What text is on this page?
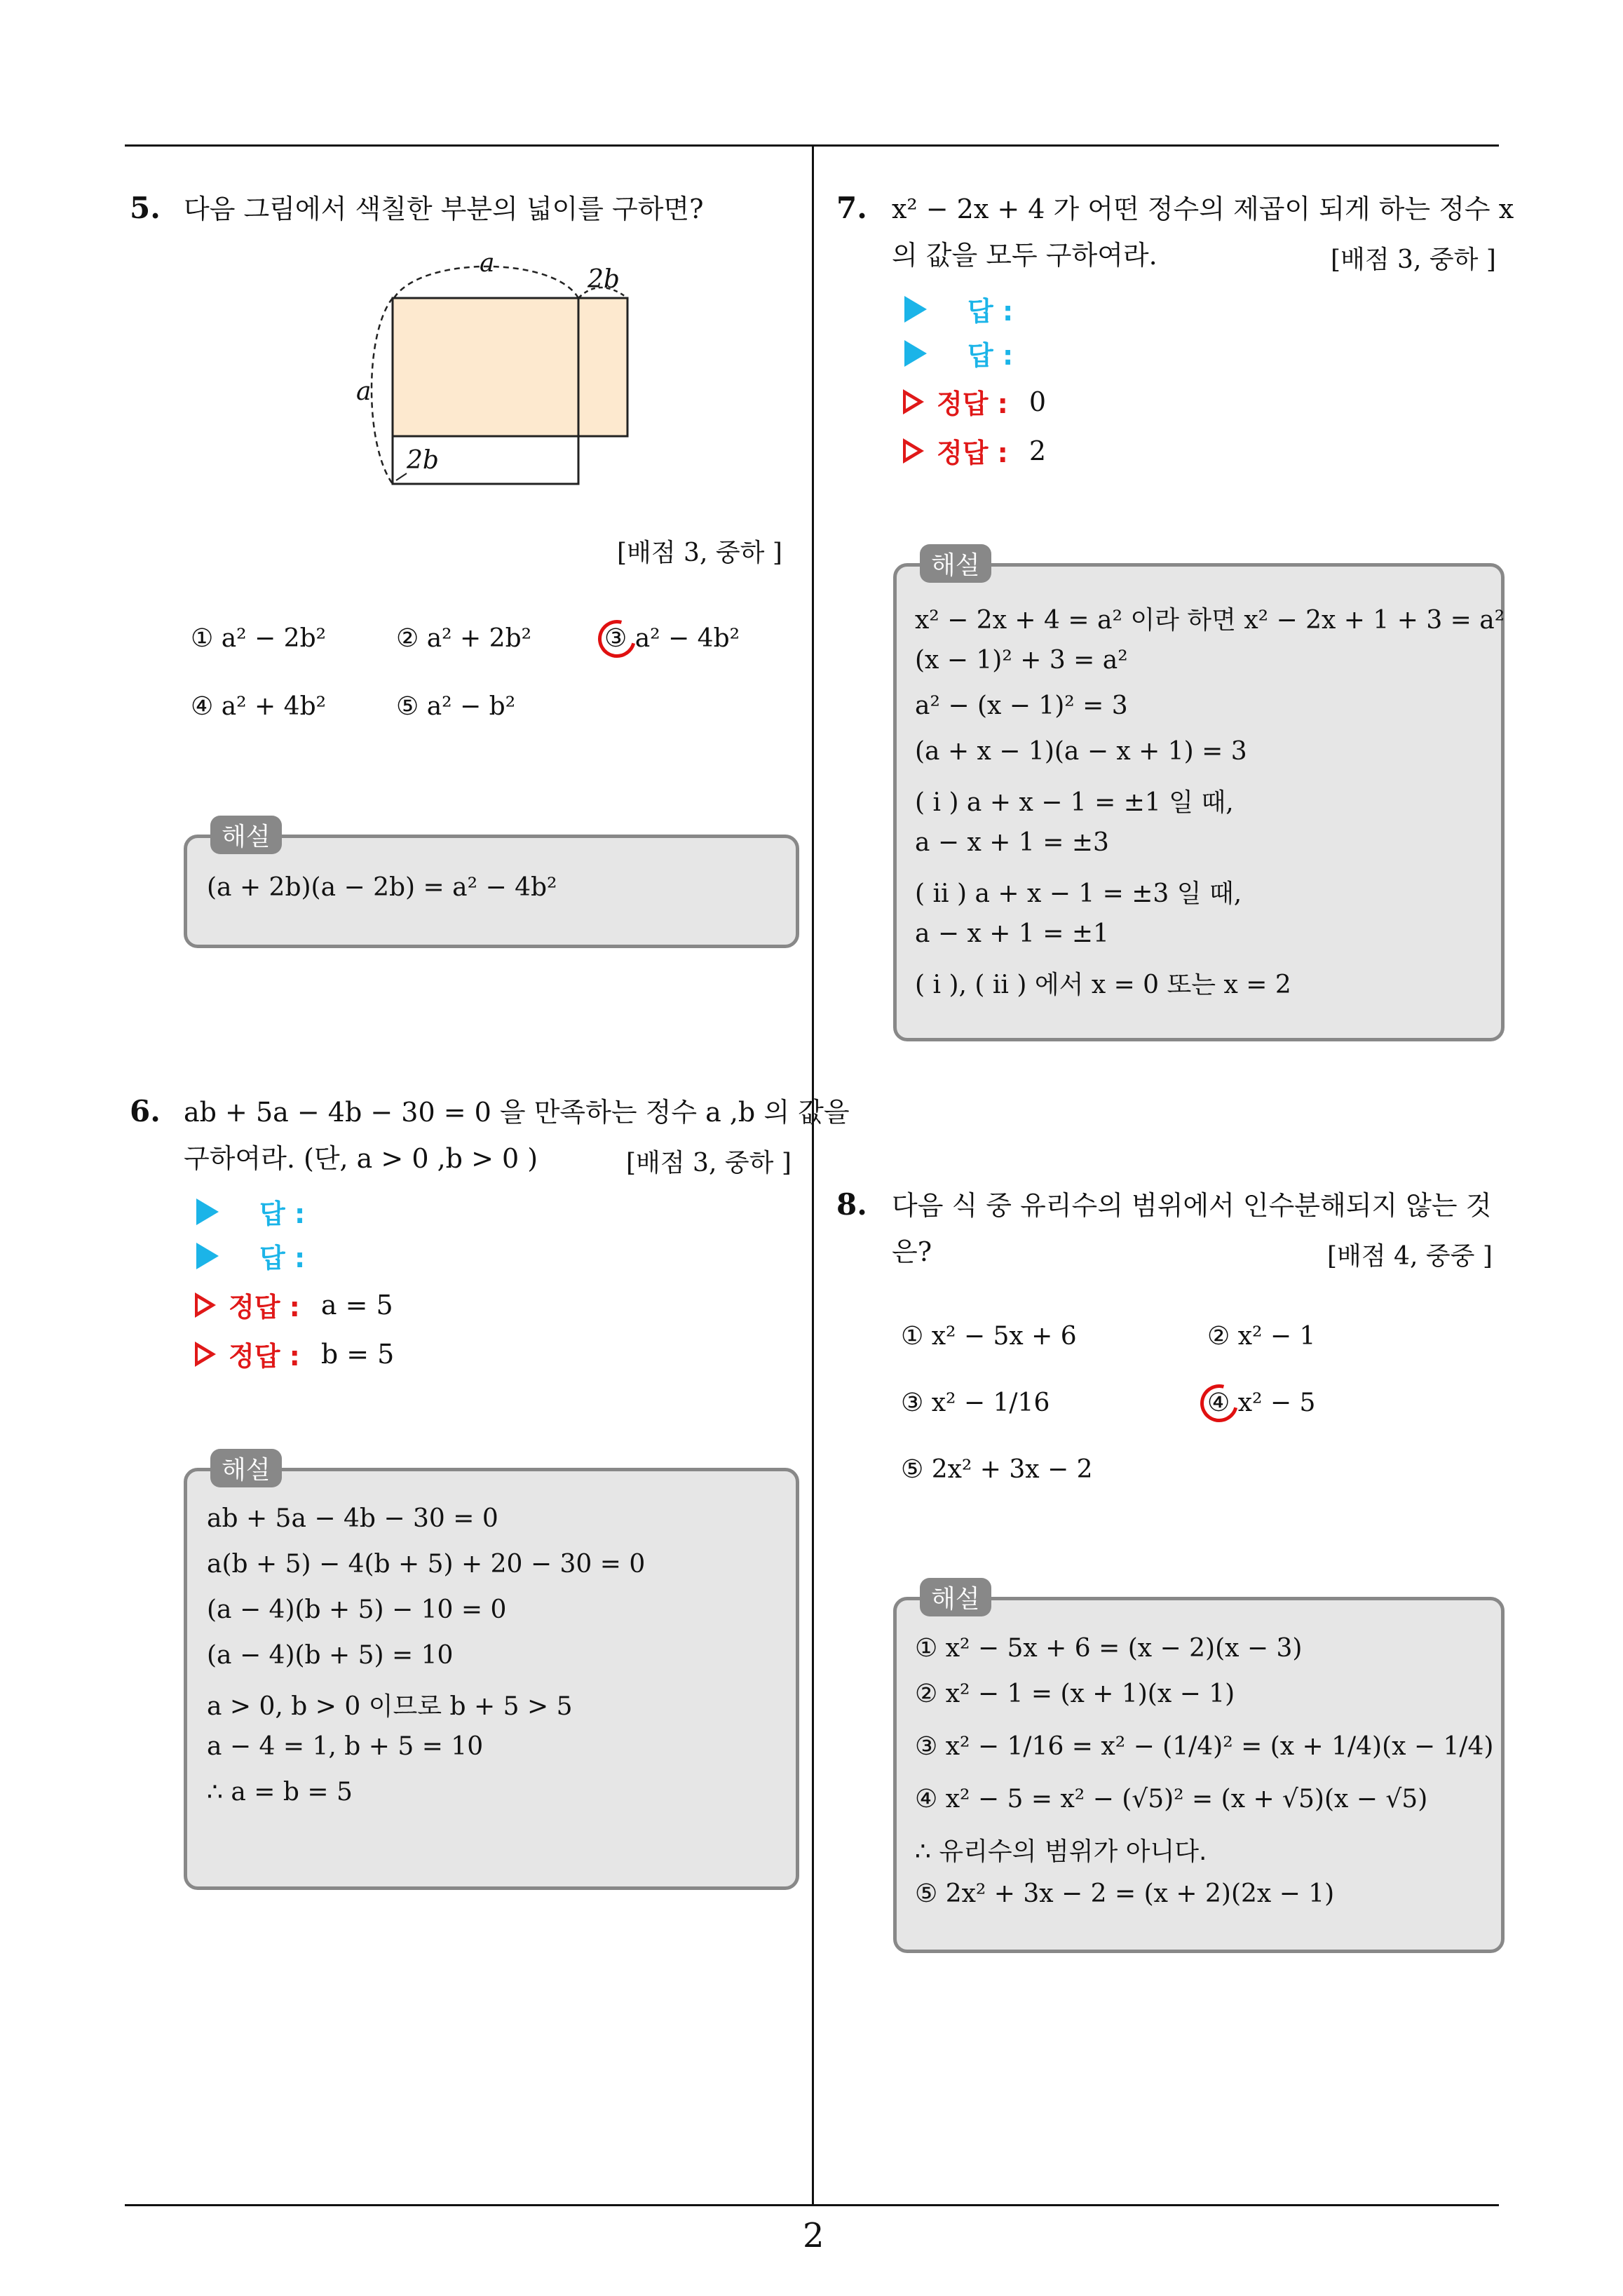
5. 다음 그림에서 색칠한 부분의 넓이를 구하면?
a
2b
a
2b
[배점 3, 중하 ]
① a² − 2b²	② a² + 2b²	③ a² − 4b²
④ a² + 4b²	⑤ a² − b²
해설
(a + 2b)(a − 2b) = a² − 4b²
6. ab + 5a − 4b − 30 = 0 을 만족하는 정수 a ,b 의 값을
구하여라. (단, a > 0 ,b > 0 )	[배점 3, 중하 ]
답 :
답 :
정답 : a = 5
정답 : b = 5
해설
ab + 5a − 4b − 30 = 0
a(b + 5) − 4(b + 5) + 20 − 30 = 0
(a − 4)(b + 5) − 10 = 0
(a − 4)(b + 5) = 10
a > 0, b > 0 이므로 b + 5 > 5
a − 4 = 1, b + 5 = 10
∴ a = b = 5
7. x² − 2x + 4 가 어떤 정수의 제곱이 되게 하는 정수 x
의 값을 모두 구하여라.	[배점 3, 중하 ]
답 :
답 :
정답 : 0
정답 : 2
해설
x² − 2x + 4 = a² 이라 하면 x² − 2x + 1 + 3 = a²
(x − 1)² + 3 = a²
a² − (x − 1)² = 3
(a + x − 1)(a − x + 1) = 3
( i ) a + x − 1 = ±1 일 때,
a − x + 1 = ±3
( ii ) a + x − 1 = ±3 일 때,
a − x + 1 = ±1
( i ), ( ii ) 에서 x = 0 또는 x = 2
8. 다음 식 중 유리수의 범위에서 인수분해되지 않는 것
은?	[배점 4, 중중 ]
① x² − 5x + 6	② x² − 1
③ x² − 1/16	④ x² − 5
⑤ 2x² + 3x − 2
해설
① x² − 5x + 6 = (x − 2)(x − 3)
② x² − 1 = (x + 1)(x − 1)
③ x² − 1/16 = x² − (1/4)² = (x + 1/4)(x − 1/4)
④ x² − 5 = x² − (√5)² = (x + √5)(x − √5)
∴ 유리수의 범위가 아니다.
⑤ 2x² + 3x − 2 = (x + 2)(2x − 1)
2
